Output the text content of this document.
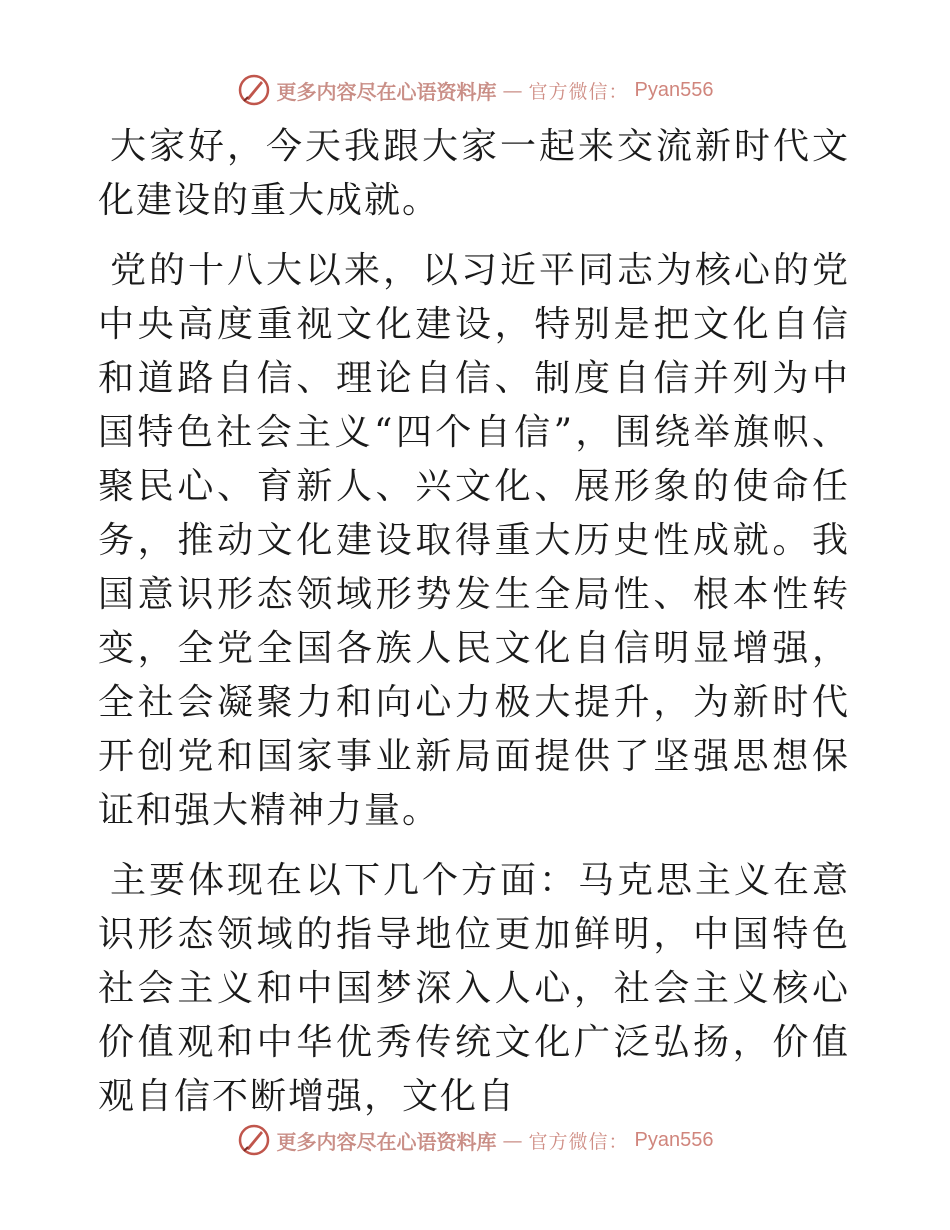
更多内容尽在心语资料库 — 官方微信： Pyan556

大家好，今天我跟大家一起来交流新时代文化建设的重大成就。

党的十八大以来，以习近平同志为核心的党中央高度重视文化建设，特别是把文化自信和道路自信、理论自信、制度自信并列为中国特色社会主义“四个自信”，围绕举旗帜、聚民心、育新人、兴文化、展形象的使命任务，推动文化建设取得重大历史性成就。我国意识形态领域形势发生全局性、根本性转变，全党全国各族人民文化自信明显增强，全社会凝聚力和向心力极大提升，为新时代开创党和国家事业新局面提供了坚强思想保证和强大精神力量。

主要体现在以下几个方面：马克思主义在意识形态领域的指导地位更加鲜明，中国特色社会主义和中国梦深入人心，社会主义核心价值观和中华优秀传统文化广泛弘扬，价值观自信不断增强，文化自

更多内容尽在心语资料库 — 官方微信： Pyan556
